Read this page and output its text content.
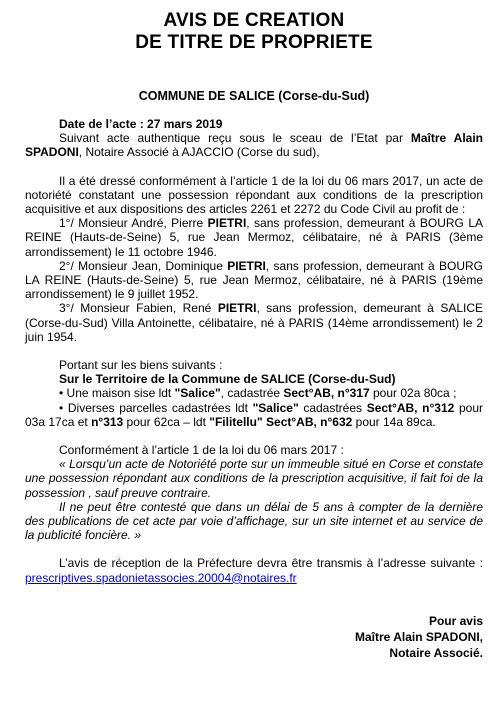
AVIS DE CREATION
DE TITRE DE PROPRIETE
COMMUNE DE SALICE (Corse-du-Sud)

Date de l’acte : 27 mars 2019

Suivant acte authentique reçu sous le sceau de l’Etat par Maître Alain SPADONI, Notaire Associé à AJACCIO (Corse du sud),

Il a été dressé conformément à l’article 1 de la loi du 06 mars 2017, un acte de notoriété constatant une possession répondant aux conditions de la prescription acquisitive et aux dispositions des articles 2261 et 2272 du Code Civil au profit de :

1°/ Monsieur André, Pierre PIETRI, sans profession, demeurant à BOURG LA REINE (Hauts-de-Seine) 5, rue Jean Mermoz, célibataire, né à PARIS (3ème arrondissement) le 11 octobre 1946.

2°/ Monsieur Jean, Dominique PIETRI, sans profession, demeurant à BOURG LA REINE (Hauts-de-Seine) 5, rue Jean Mermoz, célibataire, né à PARIS (19ème arrondissement) le 9 juillet 1952.

3°/ Monsieur Fabien, René PIETRI, sans profession, demeurant à SALICE (Corse-du-Sud) Villa Antoinette, célibataire, né à PARIS (14ème arrondissement) le 2 juin 1954.

Portant sur les biens suivants :

Sur le Territoire de la Commune de SALICE (Corse-du-Sud)

• Une maison sise ldt "Salice", cadastrée Sect°AB, n°317 pour 02a 80ca ;

• Diverses parcelles cadastrées ldt "Salice" cadastrées Sect°AB, n°312 pour 03a 17ca et n°313 pour 62ca – ldt "Filitellu" Sect°AB, n°632 pour 14a 89ca.

Conformément à l’article 1 de la loi du 06 mars 2017 :

« Lorsqu’un acte de Notoriété porte sur un immeuble situé en Corse et constate une possession répondant aux conditions de la prescription acquisitive, il fait foi de la possession , sauf preuve contraire.

Il ne peut être contesté que dans un délai de 5 ans à compter de la dernière des publications de cet acte par voie d’affichage, sur un site internet et au service de la publicité foncière. »

L’avis de réception de la Préfecture devra être transmis à l’adresse suivante : prescriptives.spadonietassocies.20004@notaires.fr

Pour avis
Maître Alain SPADONI,
Notaire Associé.
